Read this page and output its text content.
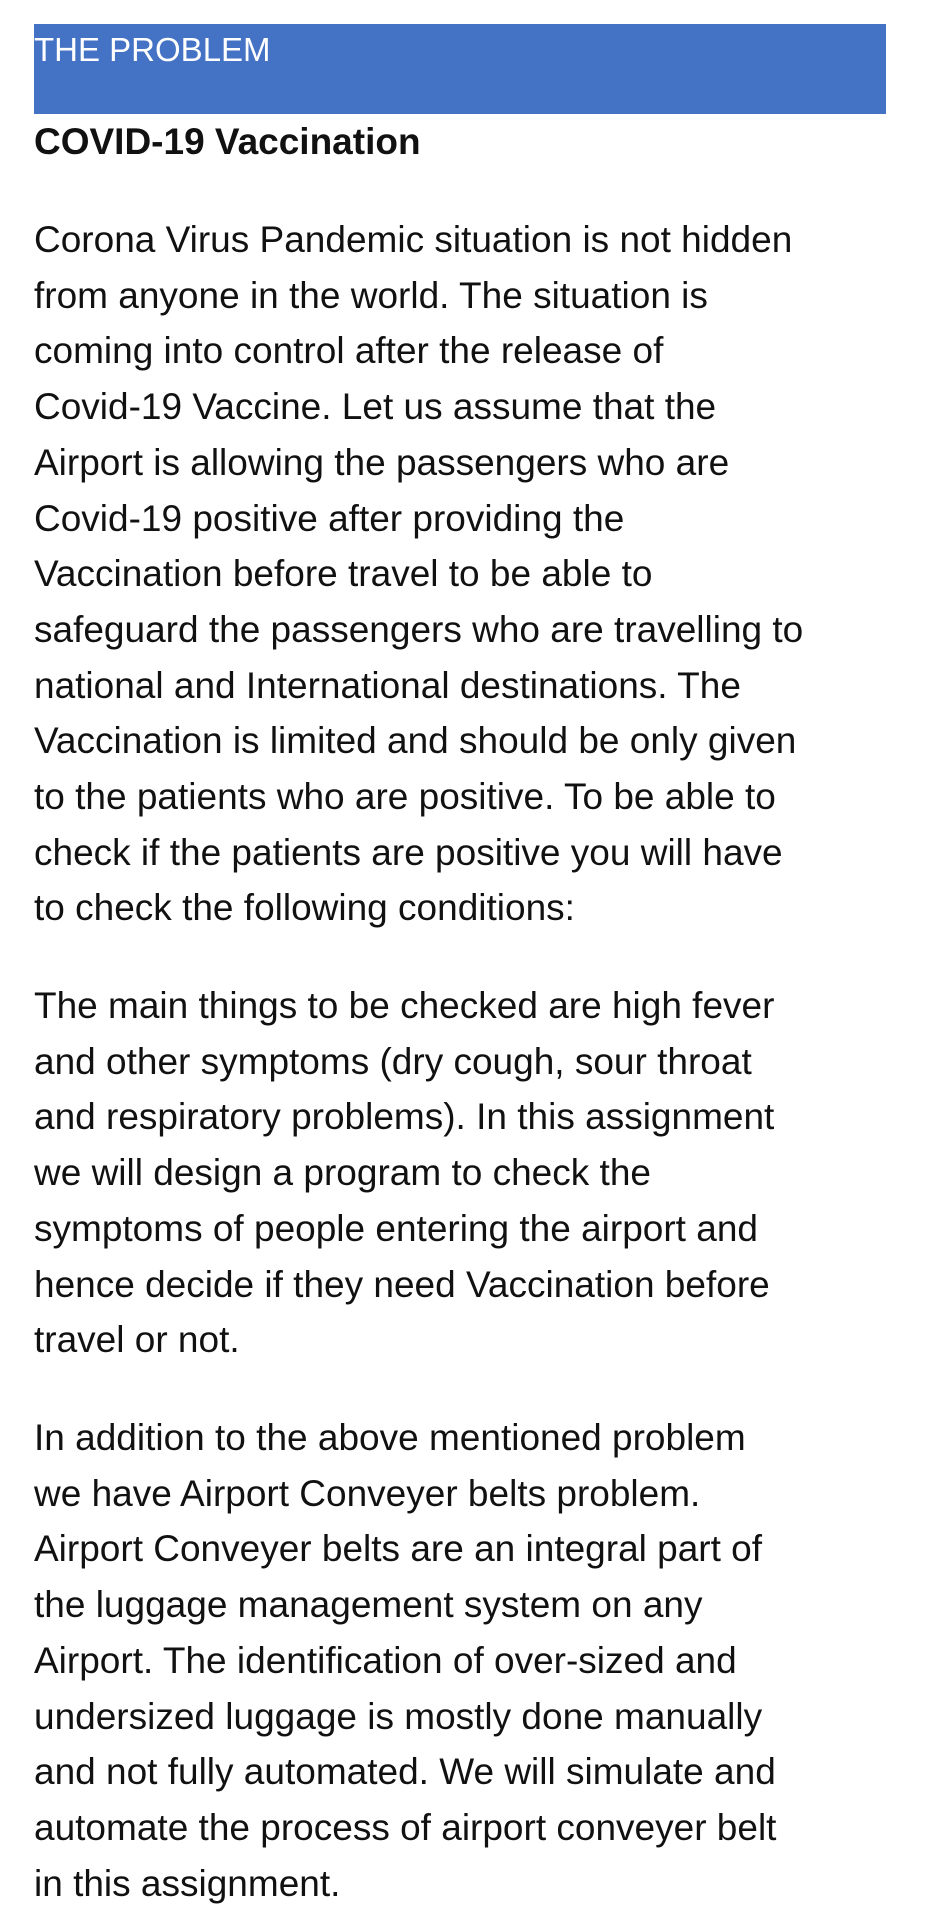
THE PROBLEM
COVID-19 Vaccination
Corona Virus Pandemic situation is not hidden
from anyone in the world. The situation is
coming into control after the release of
Covid-19 Vaccine. Let us assume that the
Airport is allowing the passengers who are
Covid-19 positive after providing the
Vaccination before travel to be able to
safeguard the passengers who are travelling to
national and International destinations. The
Vaccination is limited and should be only given
to the patients who are positive. To be able to
check if the patients are positive you will have
to check the following conditions:
The main things to be checked are high fever
and other symptoms (dry cough, sour throat
and respiratory problems). In this assignment
we will design a program to check the
symptoms of people entering the airport and
hence decide if they need Vaccination before
travel or not.
In addition to the above mentioned problem
we have Airport Conveyer belts problem.
Airport Conveyer belts are an integral part of
the luggage management system on any
Airport. The identification of over-sized and
undersized luggage is mostly done manually
and not fully automated. We will simulate and
automate the process of airport conveyer belt
in this assignment.
